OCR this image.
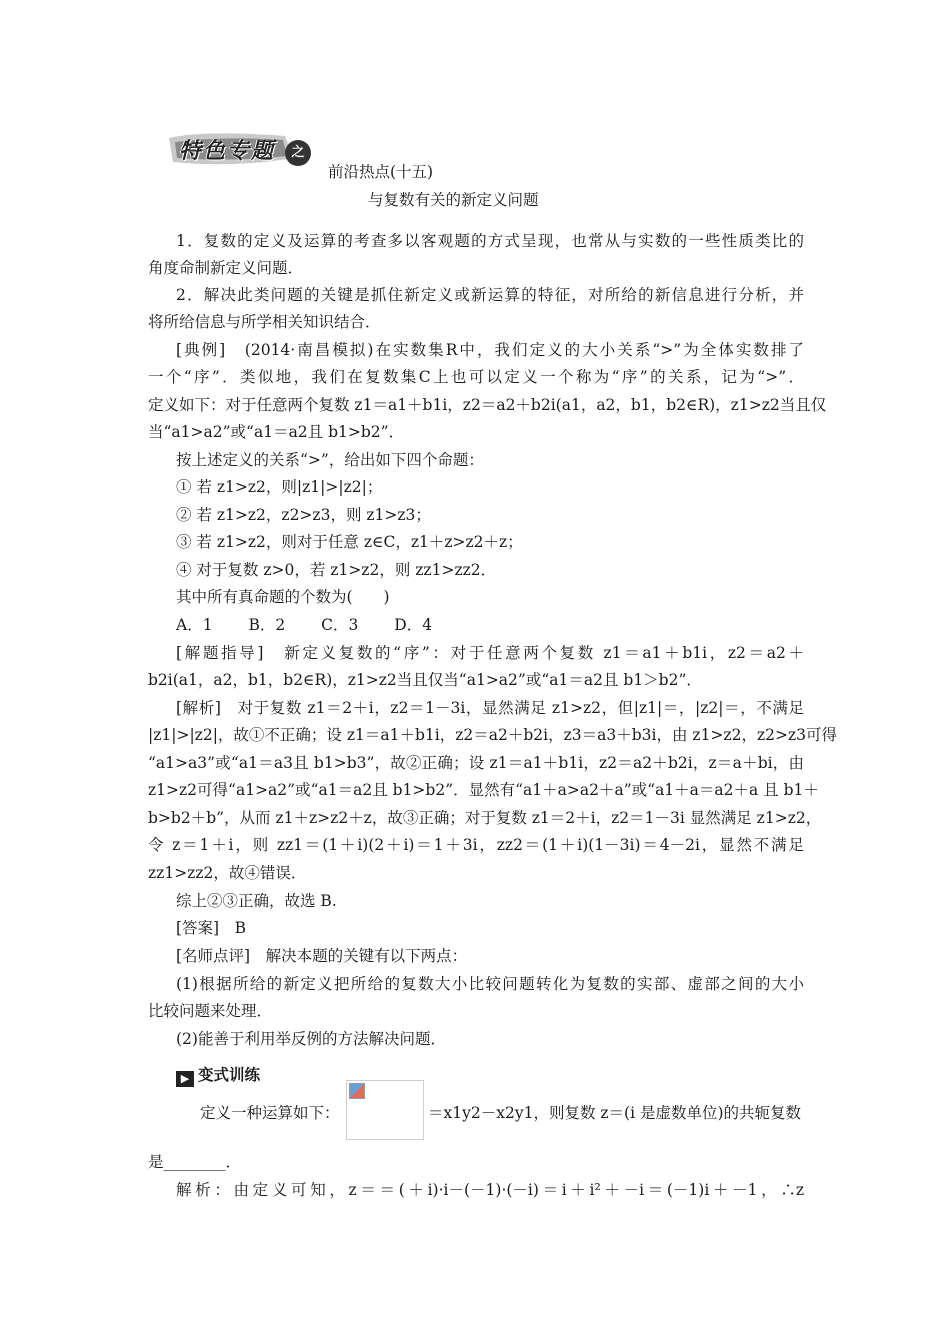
特色专题	之
前沿热点(十五)
与复数有关的新定义问题
1．复数的定义及运算的考查多以客观题的方式呈现，也常从与实数的一些性质类比的
角度命制新定义问题．
2．解决此类问题的关键是抓住新定义或新运算的特征，对所给的新信息进行分析，并
将所给信息与所学相关知识结合．
[典例]　(2014·南昌模拟)在实数集R中，我们定义的大小关系“>”为全体实数排了
一个“序”．类似地，我们在复数集C上也可以定义一个称为“序”的关系，记为“>”．
定义如下：对于任意两个复数 z1＝a1＋b1i，z2＝a2＋b2i(a1，a2，b1，b2∈R)，z1>z2当且仅
当“a1>a2”或“a1＝a2且 b1>b2”．
按上述定义的关系“>”，给出如下四个命题：
① 若 z1>z2，则|z1|>|z2|；
② 若 z1>z2，z2>z3，则 z1>z3；
③ 若 z1>z2，则对于任意 z∈C，z1＋z>z2＋z；
④ 对于复数 z>0，若 z1>z2，则 zz1>zz2．
其中所有真命题的个数为(　　)
A．1　　 B．2　　 C．3　　 D．4
[解题指导]　新定义复数的“序”：对于任意两个复数 z1＝a1＋b1i，z2＝a2＋
b2i(a1，a2，b1，b2∈R)，z1>z2当且仅当“a1>a2”或“a1＝a2且 b1＞b2”．
[解析]　对于复数 z1＝2＋i，z2＝1－3i，显然满足 z1>z2，但|z1|＝，|z2|＝，不满足
|z1|>|z2|，故①不正确；设 z1＝a1＋b1i，z2＝a2＋b2i，z3＝a3＋b3i，由 z1>z2，z2>z3可得
“a1>a3”或“a1＝a3且 b1>b3”，故②正确；设 z1＝a1＋b1i，z2＝a2＋b2i，z＝a＋bi，由
z1>z2可得“a1>a2”或“a1＝a2且 b1>b2”．显然有“a1＋a>a2＋a”或“a1＋a＝a2＋a 且 b1＋
b>b2＋b”，从而 z1＋z>z2＋z，故③正确；对于复数 z1＝2＋i，z2＝1－3i 显然满足 z1>z2，
令 z＝1＋i，则 zz1＝(1＋i)(2＋i)＝1＋3i，zz2＝(1＋i)(1－3i)＝4－2i，显然不满足
zz1>zz2，故④错误．
综上②③正确，故选 B.
[答案]　B
[名师点评]　解决本题的关键有以下两点：
(1)根据所给的新定义把所给的复数大小比较问题转化为复数的实部、虚部之间的大小
比较问题来处理．
(2)能善于利用举反例的方法解决问题．
▶ 变式训练
定义一种运算如下：	＝x1y2－x2y1，则复数 z＝(i 是虚数单位)的共轭复数
是________．
解析：由定义可知，z＝＝(＋i)·i－(－1)·(－i)＝i＋i²＋－i＝(－1)i＋－1，∴z
